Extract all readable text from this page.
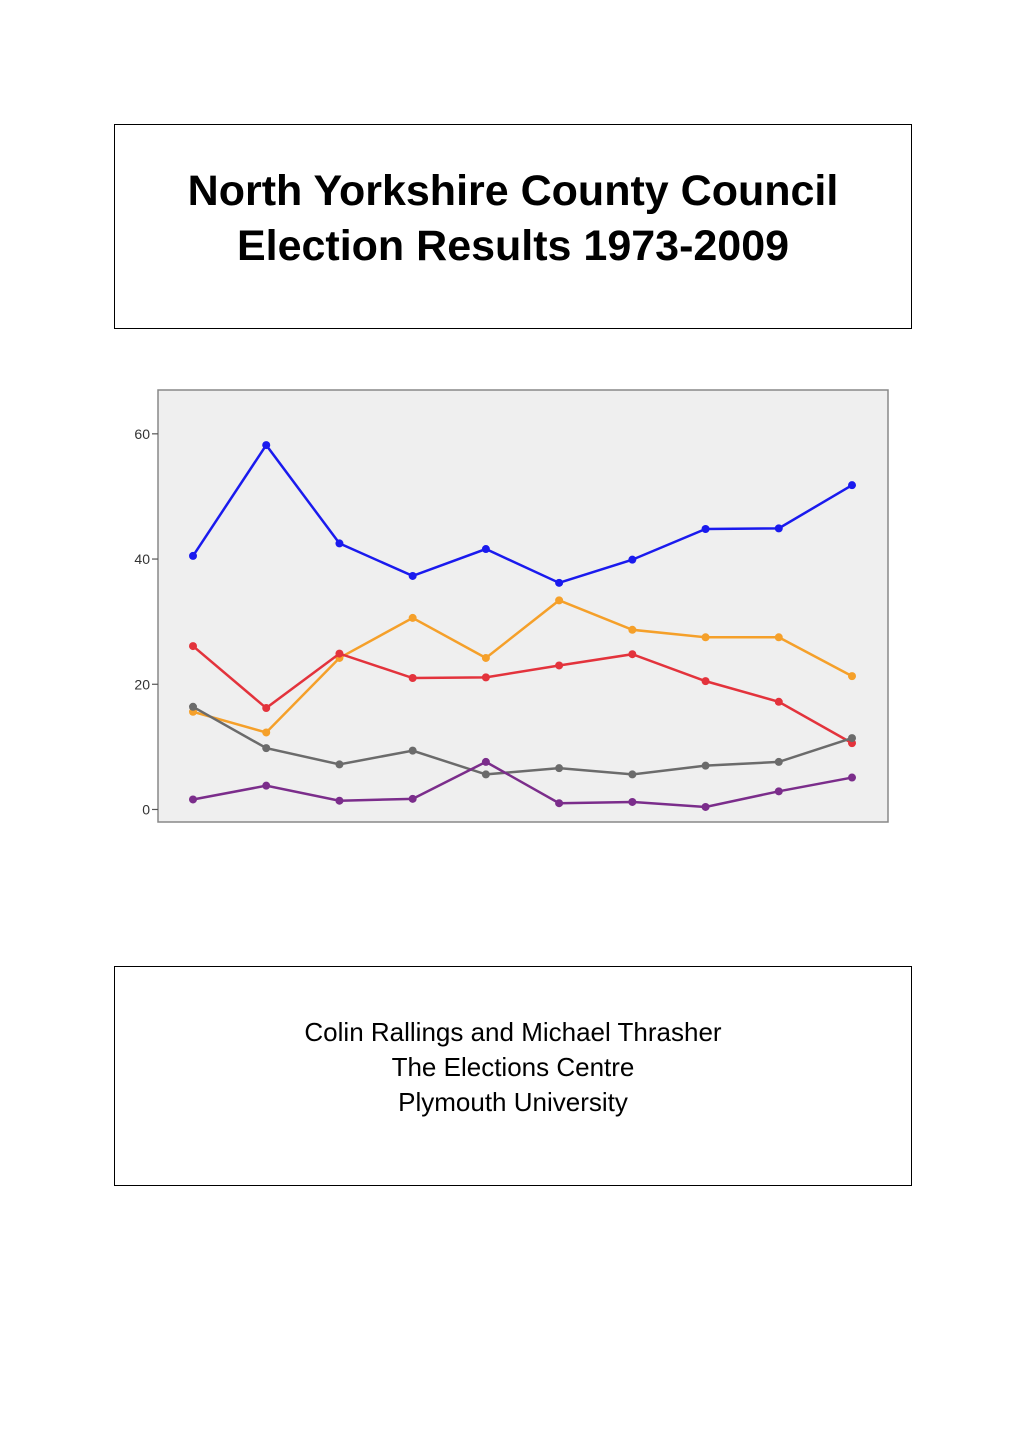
North Yorkshire County Council
Election Results 1973-2009
0
20
40
60
Colin Rallings and Michael Thrasher
The Elections Centre
Plymouth University
